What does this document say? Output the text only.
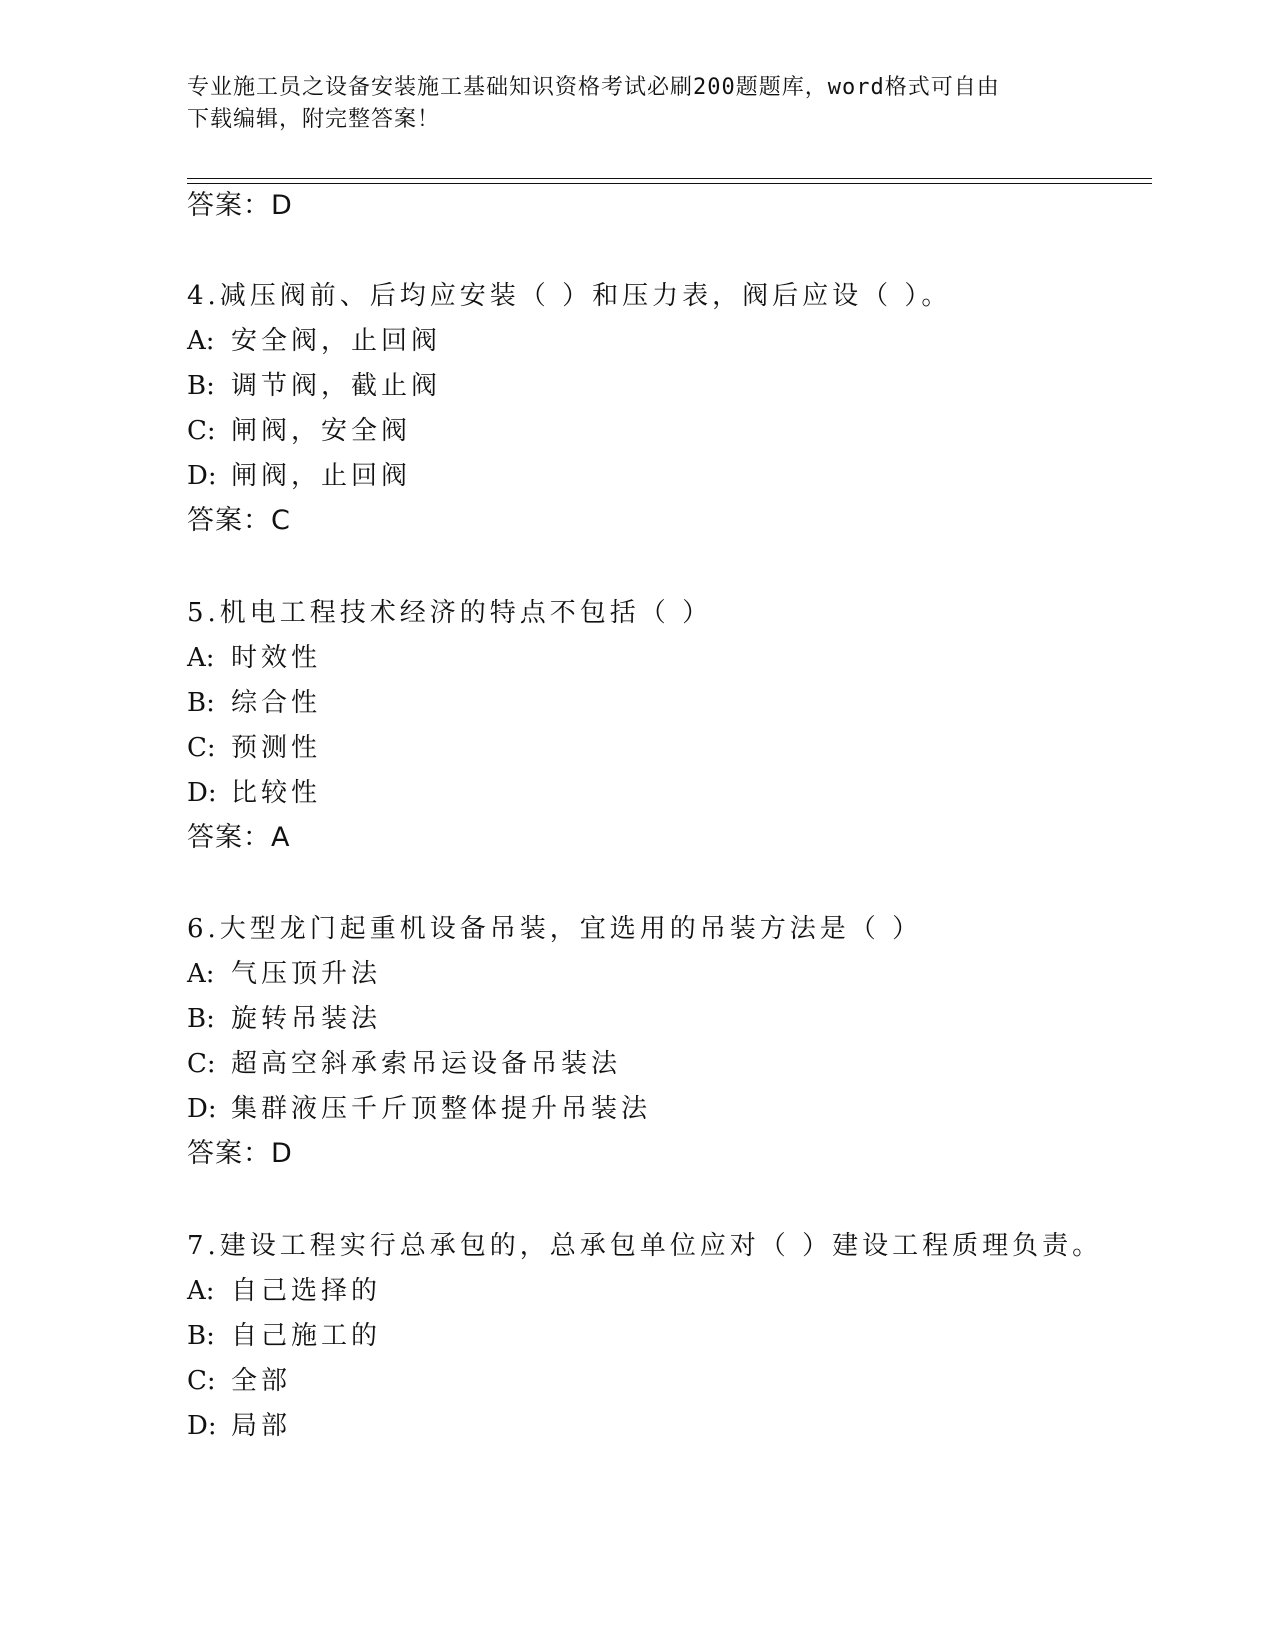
专业施工员之设备安装施工基础知识资格考试必刷200题题库，word格式可自由
下载编辑，附完整答案！
答案：D
4.减压阀前、后均应安装（ ）和压力表，阀后应设（ ）。
A: 安全阀，止回阀
B: 调节阀，截止阀
C: 闸阀，安全阀
D: 闸阀，止回阀
答案：C
5.机电工程技术经济的特点不包括（ ）
A: 时效性
B: 综合性
C: 预测性
D: 比较性
答案：A
6.大型龙门起重机设备吊装，宜选用的吊装方法是（ ）
A: 气压顶升法
B: 旋转吊装法
C: 超高空斜承索吊运设备吊装法
D: 集群液压千斤顶整体提升吊装法
答案：D
7.建设工程实行总承包的，总承包单位应对（ ）建设工程质理负责。
A: 自己选择的
B: 自己施工的
C: 全部
D: 局部
